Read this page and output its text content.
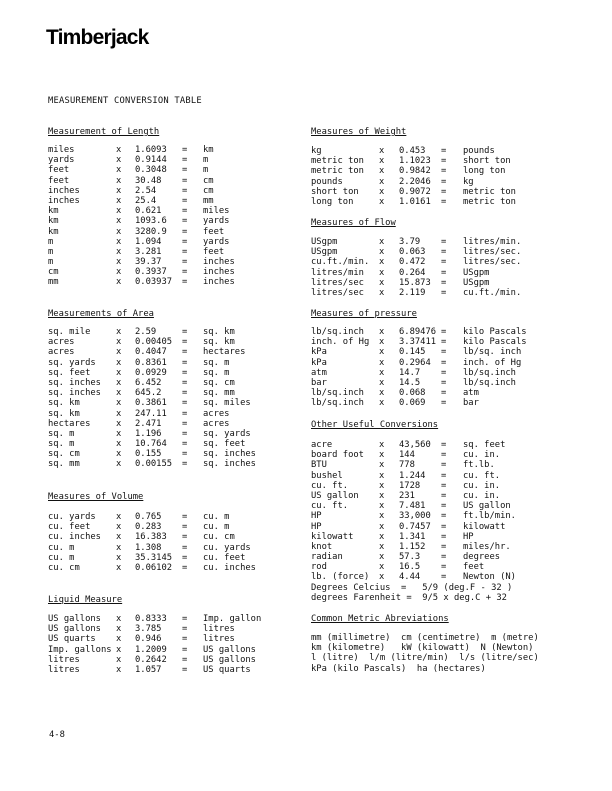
Timberjack
MEASUREMENT CONVERSION TABLE
Measurement of Length
miles	x 1.6093 = km
yards	x 0.9144 = m
feet	x 0.3048 = m
feet	x 30.48 = cm
inches	x 2.54	= cm
inches	x 25.4	= mm
km	x 0.621 = miles
km	x 1093.6 = yards
km	x 3280.9 = feet
m	x 1.094 = yards
m	x 3.281 = feet
m	x 39.37 = inches
cm	x 0.3937 = inches
mm	x 0.03937 = inches
Measurements of Area
sq. mile	x 2.59	= sq. km
acres	x 0.00405 = sq. km
acres	x 0.4047 = hectares
sq. yards x 0.8361 = sq. m
sq. feet	x 0.0929 = sq. m
sq. inches x 6.452 = sq. cm
sq. inches x 645.2 = sq. mm
sq. km	x 0.3861 = sq. miles
sq. km	x 247.11 = acres
hectares	x 2.471 = acres
sq. m	x 1.196 = sq. yards
sq. m	x 10.764 = sq. feet
sq. cm	x 0.155 = sq. inches
sq. mm	x 0.00155 = sq. inches
Measures of Volume
cu. yards x 0.765 = cu. m
cu. feet	x 0.283 = cu. m
cu. inches x 16.383 = cu. cm
cu. m	x 1.308 = cu. yards
cu. m	x 35.3145 = cu. feet
cu. cm	x 0.06102 = cu. inches
Liquid Measure
US gallons x 0.8333 = Imp. gallon
US gallons x 3.785 = litres
US quarts x 0.946 = litres
Imp. gallons x 1.2009 = US gallons
litres	x 0.2642 = US gallons
litres	x 1.057 = US quarts
Measures of Weight
kg	x 0.453 = pounds
metric ton x 1.1023 = short ton
metric ton x 0.9842 = long ton
pounds	x 2.2046 = kg
short ton x 0.9072 = metric ton
long ton	x 1.0161 = metric ton
Measures of Flow
USgpm	x 3.79 = litres/min.
USgpm	x 0.063 = litres/sec.
cu.ft./min. x 0.472 = litres/sec.
litres/min x 0.264 = USgpm
litres/sec x 15.873 = USgpm
litres/sec x 2.119 = cu.ft./min.
Measures of pressure
lb/sq.inch x 6.89476 = kilo Pascals
inch. of Hg x 3.37411 = kilo Pascals
kPa	x 0.145 = lb/sq. inch
kPa	x 0.2964 = inch. of Hg
atm	x 14.7 = lb/sq.inch
bar	x 14.5 = lb/sq.inch
lb/sq.inch x 0.068 = atm
lb/sq.inch x 0.069 = bar
Other Useful Conversions
acre	x 43,560 = sq. feet
board foot x 144	= cu. in.
BTU	x 778	= ft.lb.
bushel	x 1.244 = cu. ft.
cu. ft.	x 1728 = cu. in.
US gallon x 231	= cu. in.
cu. ft.	x 7.481 = US gallon
HP	x 33,000 = ft.lb/min.
HP	x 0.7457 = kilowatt
kilowatt	x 1.341 = HP
knot	x 1.152 = miles/hr.
radian	x 57.3 = degrees
rod	x 16.5 = feet
lb. (force) x 4.44 = Newton (N)
Degrees Celcius  =   5/9 (deg.F - 32 )
degrees Farenheit =  9/5 x deg.C + 32
Common Metric Abreviations
mm (millimetre)  cm (centimetre)  m (metre)
km (kilometre)   kW (kilowatt)  N (Newton)
l (litre)  l/m (litre/min)  l/s (litre/sec)
kPa (kilo Pascals)  ha (hectares)
4-8
